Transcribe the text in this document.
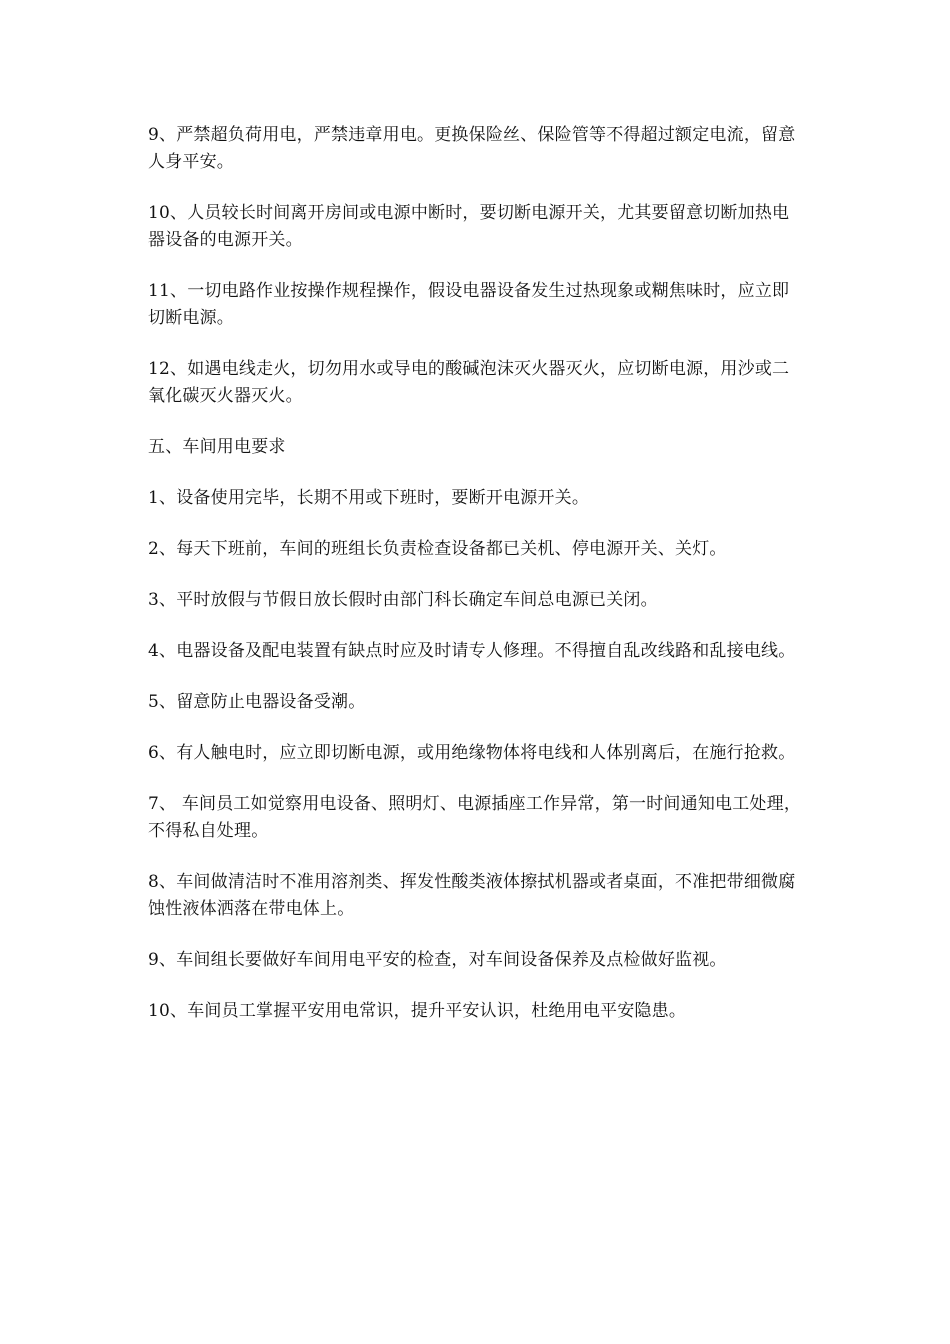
9、严禁超负荷用电，严禁违章用电。更换保险丝、保险管等不得超过额定电流，留意人身平安。

10、人员较长时间离开房间或电源中断时，要切断电源开关，尤其要留意切断加热电器设备的电源开关。

11、一切电路作业按操作规程操作，假设电器设备发生过热现象或糊焦味时，应立即切断电源。

12、如遇电线走火，切勿用水或导电的酸碱泡沫灭火器灭火，应切断电源，用沙或二氧化碳灭火器灭火。

五、车间用电要求

1、设备使用完毕，长期不用或下班时，要断开电源开关。

2、每天下班前，车间的班组长负责检查设备都已关机、停电源开关、关灯。

3、平时放假与节假日放长假时由部门科长确定车间总电源已关闭。

4、电器设备及配电装置有缺点时应及时请专人修理。不得擅自乱改线路和乱接电线。

5、留意防止电器设备受潮。

6、有人触电时，应立即切断电源，或用绝缘物体将电线和人体别离后，在施行抢救。

7、 车间员工如觉察用电设备、照明灯、电源插座工作异常，第一时间通知电工处理，不得私自处理。

8、车间做清洁时不准用溶剂类、挥发性酸类液体擦拭机器或者桌面，不准把带细微腐蚀性液体洒落在带电体上。

9、车间组长要做好车间用电平安的检查，对车间设备保养及点检做好监视。

10、车间员工掌握平安用电常识，提升平安认识，杜绝用电平安隐患。
